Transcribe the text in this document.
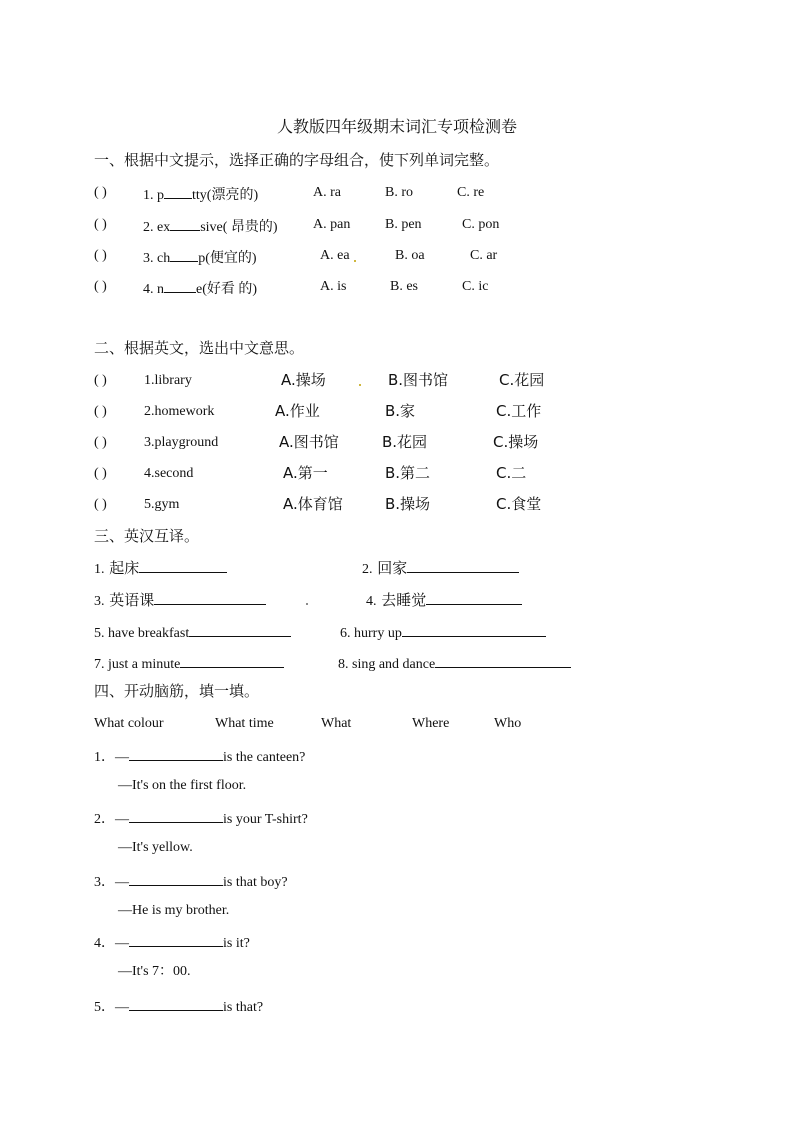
人教版四年级期末词汇专项检测卷
一、根据中文提示，选择正确的字母组合，使下列单词完整。
( )	1. p tty(漂亮的)	A. ra	B. ro	C. re
( )	2. ex sive( 昂贵的)	A. pan B. pen	C. pon
( )	3. ch p(便宜的)	A. ea	B. oa	C. ar
( )	4. n e(好看 的)	A. is	B. es	C. ic
二、根据英文，选出中文意思。
( )	1.library	A.操场	B.图书馆	C.花园
( )	2.homework	A.作业	B.家	C.工作
( )	3.playground	A.图书馆	B.花园	C.操场
( )	4.second	A.第一	B.第二	C.二
( )	5.gym	A.体育馆	B.操场	C.食堂
三、英汉互译。
1. 起床	2. 回家
3. 英语课	4. 去睡觉
5. have breakfast	6. hurry up
7. just a minute	8. sing and dance
四、开动脑筋，填一填。
What colour	What time	What	Where	Who
1．—	is the canteen?
—It's on the first floor.
2．—	is your T-shirt?
—It's yellow.
3．—	is that boy?
—He is my brother.
4．—	is it?
—It's 7：00.
5．—	is that?
